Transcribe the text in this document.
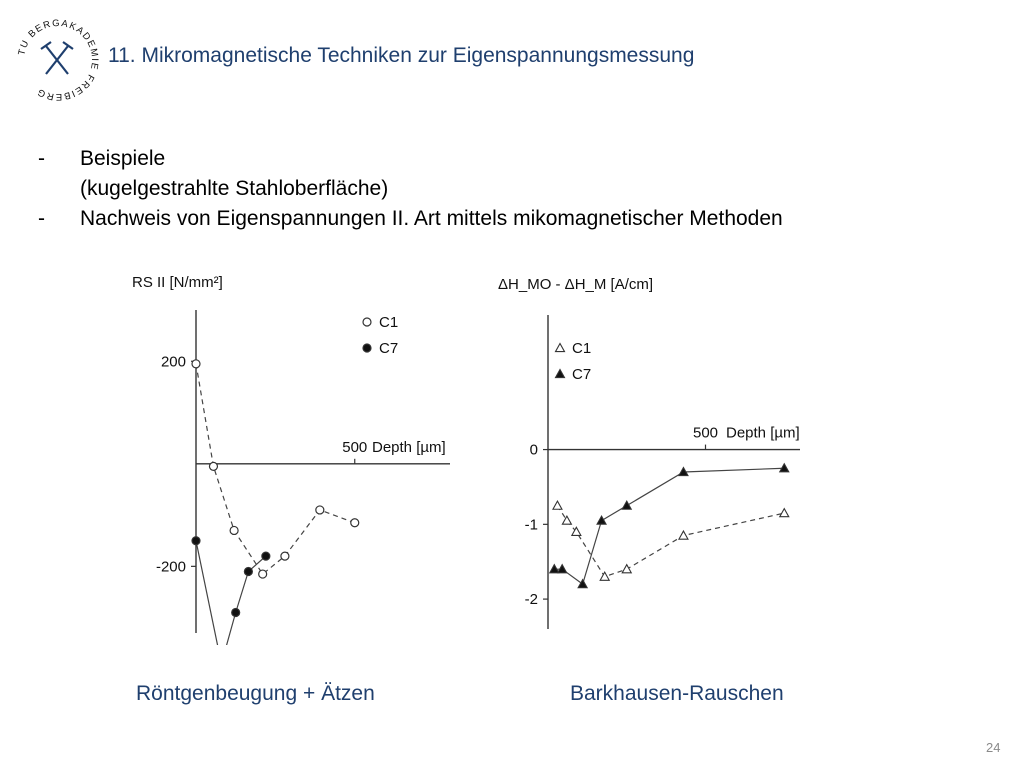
TU BERGAKADEMIE FREIBERG
11. Mikromagnetische Techniken zur Eigenspannungsmessung
-	Beispiele
(kugelgestrahlte Stahloberfläche)
-	Nachweis von Eigenspannungen II. Art mittels mikomagnetischer Methoden
200
-200
500 Depth [µm]
RS II [N/mm²]
C1
C7
0
-1
-2
500 Depth [µm]
ΔH_MO - ΔH_M [A/cm]
C1
C7
Röntgenbeugung + Ätzen	Barkhausen-Rauschen
24
